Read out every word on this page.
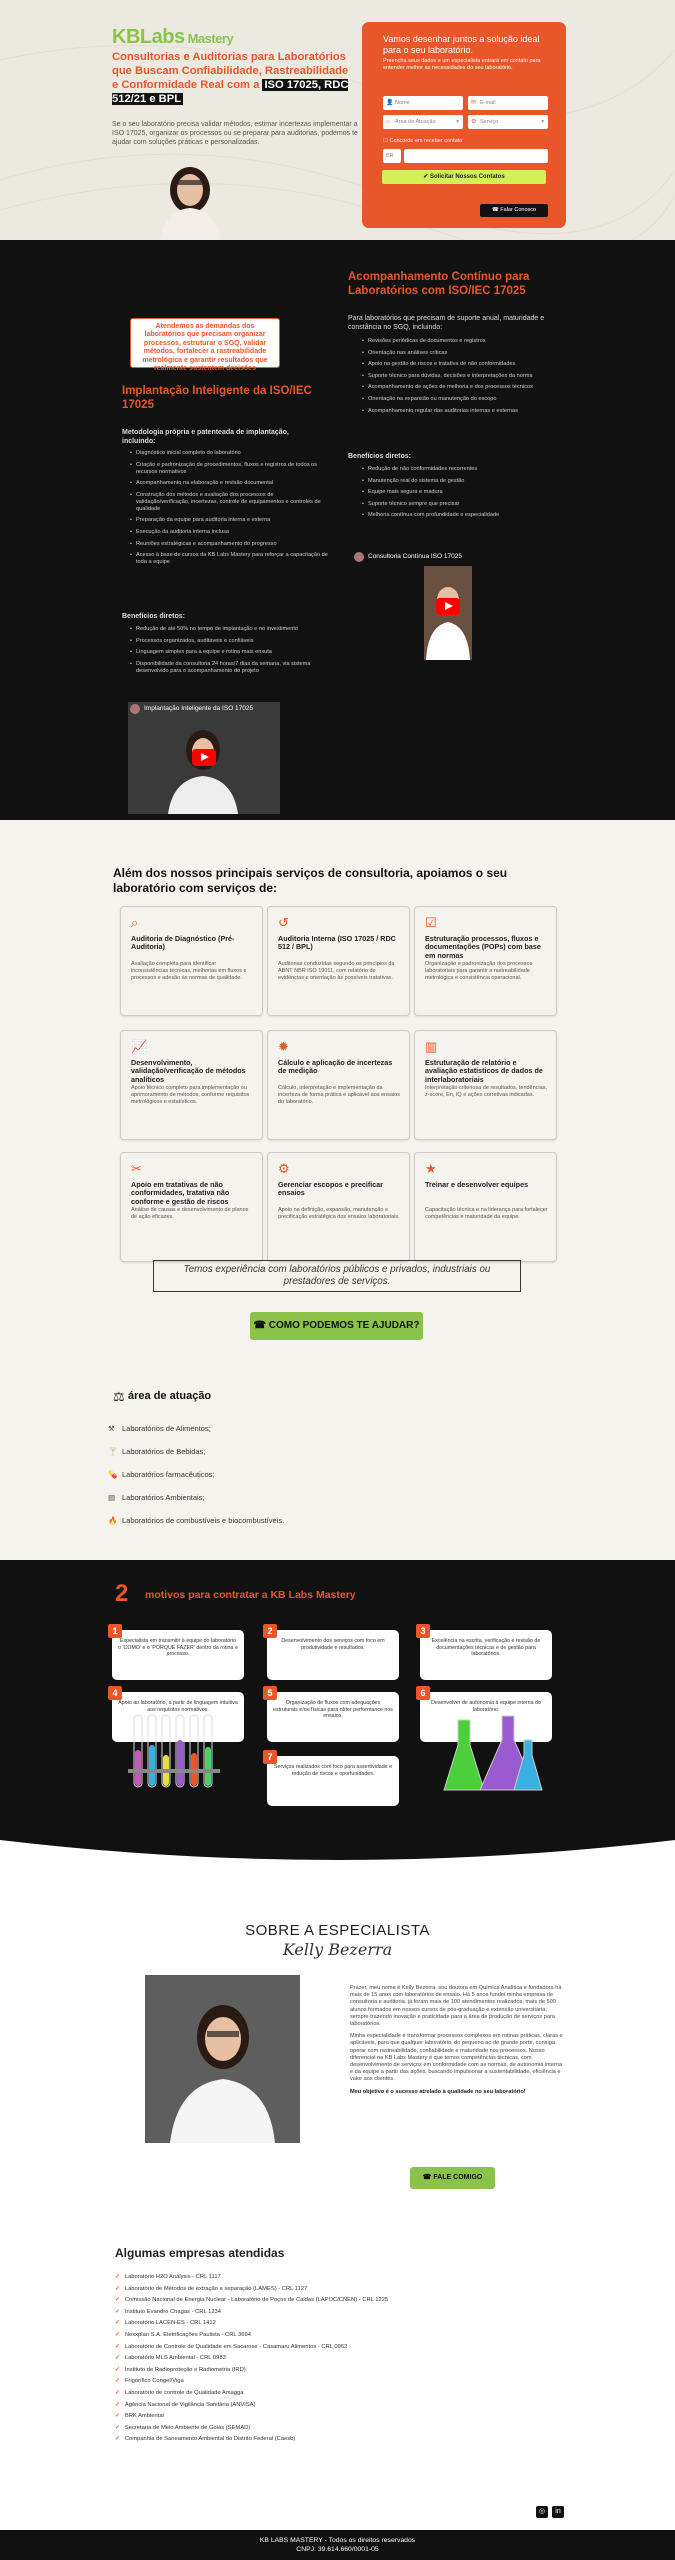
KBLabs Mastery
Consultorias e Auditorias para Laboratórios que Buscam Confiabilidade, Rastreabilidade e Conformidade Real com a ISO 17025, RDC 512/21 e BPL
Se o seu laboratório precisa validar métodos, estimar incertezas implementar a ISO 17025, organizar os processos ou se preparar para auditorias, podemos te ajudar com soluções práticas e personalizadas.
Vamos desenhar juntos a solução ideal para o seu laboratório.
Preencha seus dados e um especialista entrará em contato para entender melhor as necessidades do seu laboratório.
👤 Nome	✉ E-mail
⌂ Área de Atuação	▾ ⚙ Serviço	▾
BR
☐ Concordo em receber contato
✔ Solicitar Nossos Contatos
☎ Falar Conosco
Atendemos as demandas dos laboratórios que precisam organizar processos, estruturar o SGQ, validar métodos, fortalecer a rastreabilidade metrológica e garantir resultados que realmente sustentem decisões
Implantação Inteligente da ISO/IEC 17025
Metodologia própria e patenteada de implantação, incluindo:
• Diagnóstico inicial completo do laboratório
• Criação e padronização de procedimentos, fluxos e registros de todos os recursos normativos
• Acompanhamento na elaboração e revisão documental
• Construção dos métodos e avaliação dos processos de validação/verificação, incertezas, controle de equipamentos e controles de qualidade
• Preparação da equipe para auditoria interna e externa
• Execução da auditoria interna inclusa
• Reuniões estratégicas e acompanhamento do progresso
• Acesso à base de cursos da KB Labs Mastery para reforçar a capacitação de toda a equipe
Benefícios diretos:
• Redução de até 50% no tempo de implantação e no investimento
• Processos organizados, auditáveis e confiáveis
• Linguagem simples para a equipe e rotina mais enxuta
• Disponibilidade da consultoria 24 horas/7 dias da semana, via sistema desenvolvido para o acompanhamento do projeto
Implantação Inteligente da ISO 17025
Acompanhamento Contínuo para Laboratórios com ISO/IEC 17025
Para laboratórios que precisam de suporte anual, maturidade e constância no SGQ, incluindo:
• Revisões periódicas de documentos e registros
• Orientação nas análises críticas
• Apoio na gestão de riscos e tratativa de não conformidades
• Suporte técnico para dúvidas, decisões e interpretações da norma
• Acompanhamento de ações de melhoria e dos processos técnicos
• Orientação na expansão ou manutenção do escopo
• Acompanhamento regular das auditorias internas e externas
Benefícios diretos:
• Redução de não conformidades recorrentes
• Manutenção real do sistema de gestão
• Equipe mais segura e madura
• Suporte técnico sempre que precisar
• Melhoria contínua com profundidade e especialidade
Consultoria Contínua ISO 17025
Além dos nossos principais serviços de consultoria, apoiamos o seu laboratório com serviços de:
⌕
Auditoria de Diagnóstico (Pré-Auditoria)
Avaliação completa para identificar inconsistências técnicas, melhorias em fluxos e processos e adesão às normas de qualidade.
↺
Auditoria Interna (ISO 17025 / RDC 512 / BPL)
Auditorias conduzidas segundo os princípios da ABNT NBR ISO 19011, com relatório de evidências e orientação às possíveis tratativas.
☑
Estruturação processos, fluxos e documentações (POPs) com base em normas
Organização e padronização dos processos laboratoriais para garantir a rastreabilidade metrológica e consistência operacional.
📈
Desenvolvimento, validação/verificação de métodos analíticos
Apoio técnico completo para implementação ou aprimoramento de métodos, conforme requisitos metrológicos e estatísticos.
✹
Cálculo e aplicação de incertezas de medição
Cálculo, interpretação e implementação da incerteza de forma prática e aplicável aos ensaios do laboratório.
▥
Estruturação de relatório e avaliação estatísticos de dados de interlaboratoriais
Interpretação criteriosa de resultados, tendências, z-score, En, IQ e ações corretivas indicadas.
✂
Apoio em tratativas de não conformidades, tratativa não conforme e gestão de riscos
Análise de causas e desenvolvimento de planos de ação eficazes.
⚙
Gerenciar escopos e precificar ensaios
Apoio na definição, expansão, manutenção e precificação estratégica dos ensaios laboratoriais.
★
Treinar e desenvolver equipes
Capacitação técnica e na liderança para fortalecer competências e maturidade da equipe.
Temos experiência com laboratórios públicos e privados, industriais ou prestadores de serviços.
☎ COMO PODEMOS TE AJUDAR?
⚖ área de atuação
⚒ Laboratórios de Alimentos;
🍸 Laboratórios de Bebidas;
💊 Laboratórios farmacêuticos;
▤ Laboratórios Ambientais;
🔥 Laboratórios de combustíveis e biocombustíveis.
2 motivos para contratar a KB Labs Mastery
Especialista em transmitir à equipe do laboratório o 'COMO' e o 'PORQUE FAZER' dentro da rotina e processo.
1
Desenvolvimento dos serviços com foco em produtividade e resultados.
2
Excelência na escrita, verificação e revisão de documentações técnicas e de gestão para laboratórios.
3
Apoio ao laboratório, a partir de linguagem intuitiva aos requisitos normativos.
4
Organização de fluxos com adequações estruturais e/ou físicas para obter performance nos ensaios.
5
Desenvolver de autonomia à equipe interna do laboratório.
6
Serviços realizados com foco para assertividade e redução de riscos e oportunidades.
7
SOBRE A ESPECIALISTA
Kelly Bezerra

Prazer, meu nome é Kelly Bezerra, sou doutora em Química Analítica e fundadora há mais de 15 anos com laboratórios de ensaio. Há 5 anos fundei minha empresa de consultoria e auditoria, já foram mais de 100 atendimentos realizados, mais de 500 alunos formados em nossos cursos de pós-graduação e extensão universitária, sempre trazendo inovação e praticidade para a área de produção de serviços para laboratórios.

Minha especialidade é transformar processos complexos em rotinas práticas, claras e aplicáveis, para que qualquer laboratório, do pequeno ao de grande porte, consiga operar com rastreabilidade, confiabilidade e maturidade nos processos. Nosso diferencial na KB Labs Mastery é que temos competências técnicas, com desenvolvimento de serviços em conformidade com as normas, de autonomia interna e da equipe a partir das ações, buscando impulsionar a sustentabilidade, eficiência e valor aos clientes.

Meu objetivo é o sucesso atrelado à qualidade no seu laboratório!

☎ FALE COMIGO
Algumas empresas atendidas
✓ Laboratório H2O Analysis - CRL 1117
✓ Laboratório de Métodos de extração e separação (LAMES) - CRL 1127
✓ Comissão Nacional de Energia Nuclear - Laboratório de Poços de Caldas (LAPOC/CNEN) - CRL 1225
✓ Instituto Evandro Chagas - CRL 1234
✓ Laboratório LACEN-ES - CRL 1412
✓ Nexxplan S.A. Eletrificações Paulista - CRL 3694
✓ Laboratório de Controle de Qualidade em Sacarose - Casamaru Alimentos - CRL 0962
✓ Laboratório MLS Ambiental - CRL 0983
✓ Instituto de Radioproteção e Radiometria (IRD)
✓ Frigorífico Congel/Viga
✓ Laboratório de controle de Qualidade Amagga
✓ Agência Nacional de Vigilância Sanitária (ANVISA)
✓ BRK Ambiental
✓ Secretaria de Meio Ambiente de Goiás (SEMAD)
✓ Companhia de Saneamento Ambiental do Distrito Federal (Caesb)
◎	in
KB LABS MASTERY - Todos os direitos reservados
CNPJ: 39.614.660/0001-05
